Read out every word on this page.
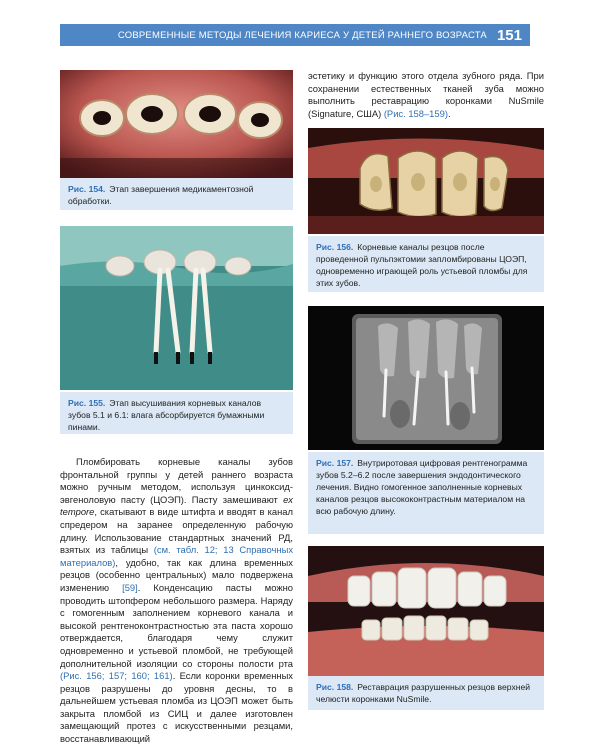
СОВРЕМЕННЫЕ МЕТОДЫ ЛЕЧЕНИЯ КАРИЕСА У ДЕТЕЙ РАННЕГО ВОЗРАСТА 151
Рис. 154. Этап завершения медикаментозной обработки.
Рис. 155. Этап высушивания корневых каналов зубов 5.1 и 6.1: влага абсорбируется бумажными пинами.

эстетику и функцию этого отдела зубного ряда. При сохранении естественных тканей зуба можно выполнить реставрацию коронками NuSmile (Signature, США) (Рис. 158–159).

Рис. 156. Корневые каналы резцов после проведенной пульпэктомии запломбированы ЦОЭП, одновременно играющей роль устьевой пломбы для этих зубов.
Рис. 157. Внутриротовая цифровая рентгенограмма зубов 5.2–6.2 после завершения эндодонтического лечения. Видно гомогенное заполненные корневых каналов резцов высококонтрастным материалом на всю рабочую длину.
Рис. 158. Реставрация разрушенных резцов верхней челюсти коронками NuSmile.

Пломбировать корневые каналы зубов фронтальной группы у детей раннего возраста можно ручным методом, используя цинкоксид-эвгеноловую пасту (ЦОЭП). Пасту замешивают ex tempore, скатывают в виде штифта и вводят в канал спредером на заранее определенную рабочую длину. Использование стандартных значений РД, взятых из таблицы (см. табл. 12; 13 Справочных материалов), удобно, так как длина временных резцов (особенно центральных) мало подвержена изменению [59]. Конденсацию пасты можно проводить штопфером небольшого размера. Наряду с гомогенным заполнением корневого канала и высокой рентгеноконтрастностью эта паста хорошо отверждается, благодаря чему служит одновременно и устьевой пломбой, не требующей дополнительной изоляции со стороны полости рта (Рис. 156; 157; 160; 161). Если коронки временных резцов разрушены до уровня десны, то в дальнейшем устьевая пломба из ЦОЭП может быть закрыта пломбой из СИЦ и далее изготовлен замещающий протез с искусственными резцами, восстанавливающий
